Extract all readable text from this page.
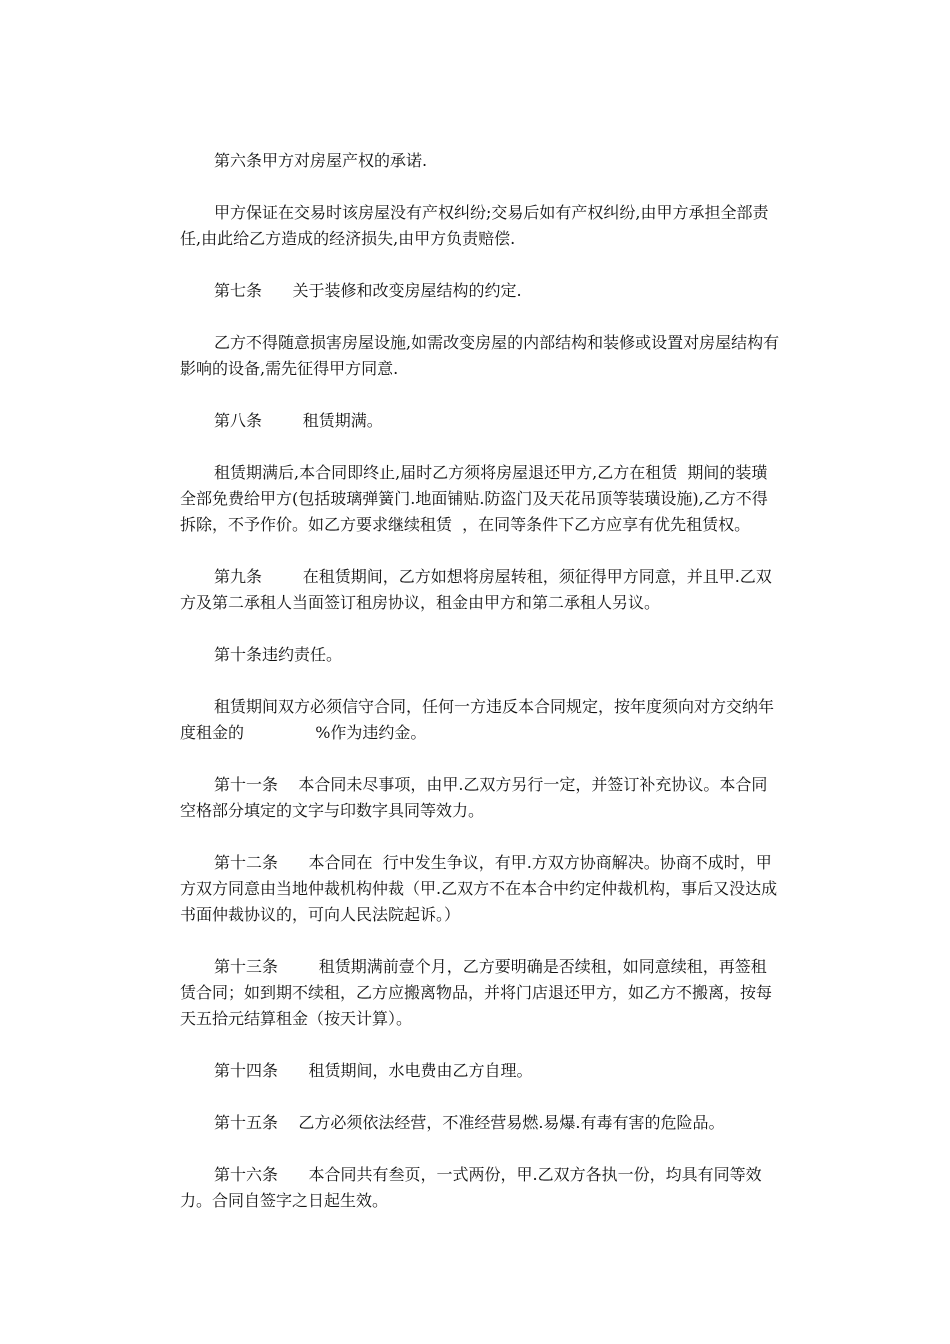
第六条甲方对房屋产权的承诺.

甲方保证在交易时该房屋没有产权纠纷;交易后如有产权纠纷,由甲方承担全部责任,由此给乙方造成的经济损失,由甲方负责赔偿.

第七条      关于装修和改变房屋结构的约定.

乙方不得随意损害房屋设施,如需改变房屋的内部结构和装修或设置对房屋结构有影响的设备,需先征得甲方同意.

第八条        租赁期满。

租赁期满后,本合同即终止,届时乙方须将房屋退还甲方,乙方在租赁  期间的装璜全部免费给甲方(包括玻璃弹簧门.地面铺贴.防盗门及天花吊顶等装璜设施),乙方不得拆除，不予作价。如乙方要求继续租赁  ，在同等条件下乙方应享有优先租赁权。

第九条        在租赁期间，乙方如想将房屋转租，须征得甲方同意，并且甲.乙双方及第二承租人当面签订租房协议，租金由甲方和第二承租人另议。

第十条违约责任。

租赁期间双方必须信守合同，任何一方违反本合同规定，按年度须向对方交纳年度租金的              %作为违约金。

第十一条    本合同未尽事项，由甲.乙双方另行一定，并签订补充协议。本合同空格部分填定的文字与印数字具同等效力。

第十二条      本合同在  行中发生争议，有甲.方双方协商解决。协商不成时，甲方双方同意由当地仲裁机构仲裁（甲.乙双方不在本合中约定仲裁机构，事后又没达成书面仲裁协议的，可向人民法院起诉。）

第十三条        租赁期满前壹个月，乙方要明确是否续租，如同意续租，再签租赁合同；如到期不续租，乙方应搬离物品，并将门店退还甲方，如乙方不搬离，按每天五拾元结算租金（按天计算）。

第十四条      租赁期间，水电费由乙方自理。

第十五条    乙方必须依法经营，不准经营易燃.易爆.有毒有害的危险品。

第十六条      本合同共有叁页，一式两份，甲.乙双方各执一份，均具有同等效力。合同自签字之日起生效。
